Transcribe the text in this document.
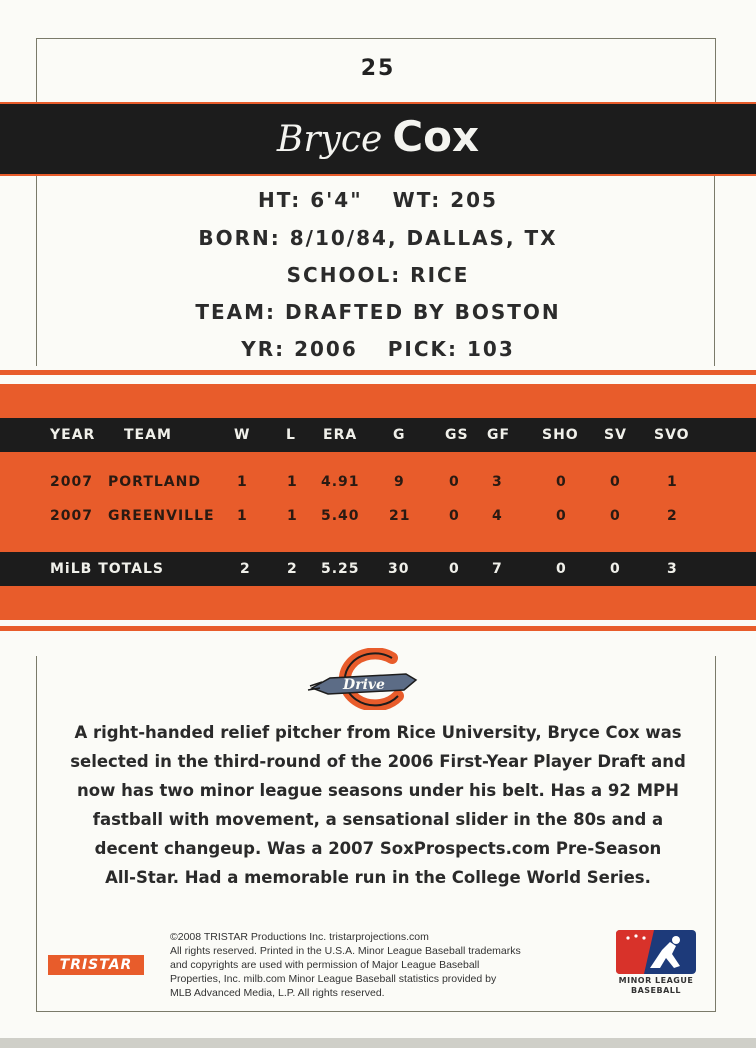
25
Bryce Cox
HT: 6'4" WT: 205
BORN: 8/10/84, DALLAS, TX
SCHOOL: RICE
TEAM: DRAFTED BY BOSTON
YR: 2006 PICK: 103
YEAR TEAM	W	L ERA	G	GS GF SHO SV SVO
2007 PORTLAND	1	1 4.91 9	0 3	0	0	1
2007 GREENVILLE 1	1 5.40 21	0 4	0	0	2
MiLB TOTALS	2	2 5.25 30	0 7	0	0	3
Drive
A right-handed relief pitcher from Rice University, Bryce Cox was
selected in the third-round of the 2006 First-Year Player Draft and
now has two minor league seasons under his belt. Has a 92 MPH
fastball with movement, a sensational slider in the 80s and a
decent changeup. Was a 2007 SoxProspects.com Pre-Season
All-Star. Had a memorable run in the College World Series.
TRISTAR
©2008 TRISTAR Productions Inc. tristarprojections.com
All rights reserved. Printed in the U.S.A. Minor League Baseball trademarks
and copyrights are used with permission of Major League Baseball
Properties, Inc. milb.com Minor League Baseball statistics provided by
MLB Advanced Media, L.P. All rights reserved.
MINOR LEAGUE
BASEBALL
